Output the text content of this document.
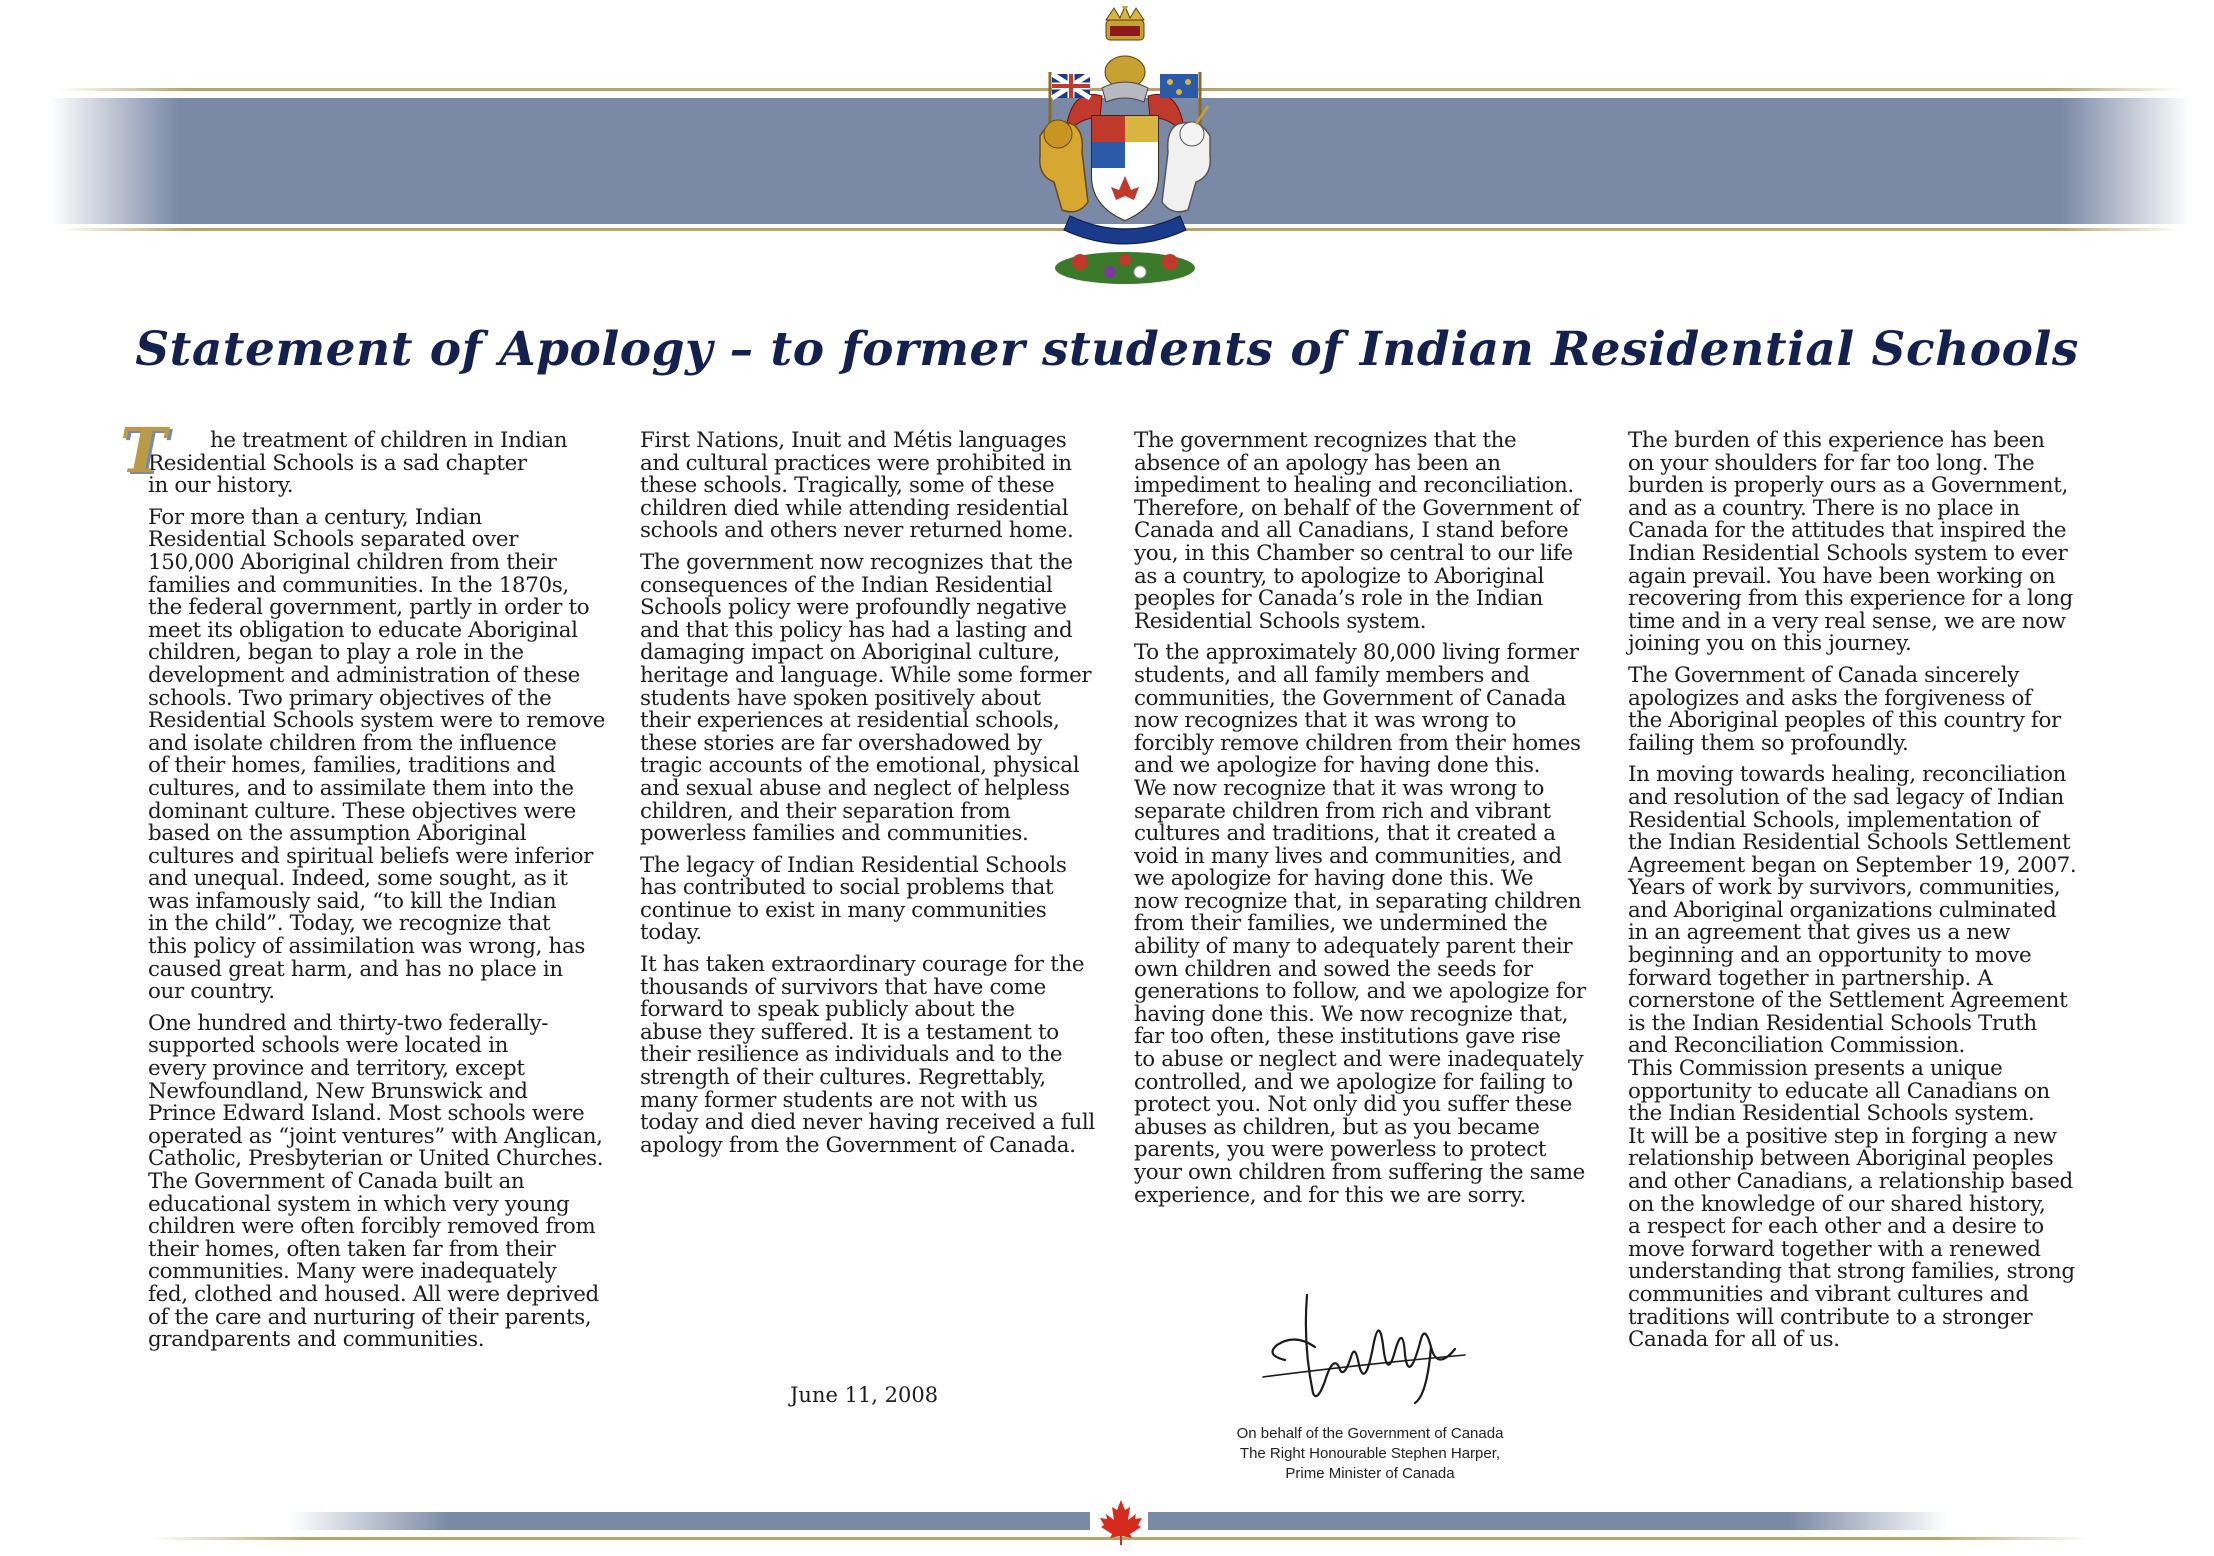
Statement of Apology – to former students of Indian Residential Schools
T	he treatment of children in Indian
Residential Schools is a sad chapter
in our history.

For more than a century, Indian
Residential Schools separated over
150,000 Aboriginal children from their
families and communities. In the 1870s,
the federal government, partly in order to
meet its obligation to educate Aboriginal
children, began to play a role in the
development and administration of these
schools. Two primary objectives of the
Residential Schools system were to remove
and isolate children from the influence
of their homes, families, traditions and
cultures, and to assimilate them into the
dominant culture. These objectives were
based on the assumption Aboriginal
cultures and spiritual beliefs were inferior
and unequal. Indeed, some sought, as it
was infamously said, “to kill the Indian
in the child”. Today, we recognize that
this policy of assimilation was wrong, has
caused great harm, and has no place in
our country.

One hundred and thirty-two federally-
supported schools were located in
every province and territory, except
Newfoundland, New Brunswick and
Prince Edward Island. Most schools were
operated as “joint ventures” with Anglican,
Catholic, Presbyterian or United Churches.
The Government of Canada built an
educational system in which very young
children were often forcibly removed from
their homes, often taken far from their
communities. Many were inadequately
fed, clothed and housed. All were deprived
of the care and nurturing of their parents,
grandparents and communities.

First Nations, Inuit and Métis languages
and cultural practices were prohibited in
these schools. Tragically, some of these
children died while attending residential
schools and others never returned home.

The government now recognizes that the
consequences of the Indian Residential
Schools policy were profoundly negative
and that this policy has had a lasting and
damaging impact on Aboriginal culture,
heritage and language. While some former
students have spoken positively about
their experiences at residential schools,
these stories are far overshadowed by
tragic accounts of the emotional, physical
and sexual abuse and neglect of helpless
children, and their separation from
powerless families and communities.

The legacy of Indian Residential Schools
has contributed to social problems that
continue to exist in many communities
today.

It has taken extraordinary courage for the
thousands of survivors that have come
forward to speak publicly about the
abuse they suffered. It is a testament to
their resilience as individuals and to the
strength of their cultures. Regrettably,
many former students are not with us
today and died never having received a full
apology from the Government of Canada.

The government recognizes that the
absence of an apology has been an
impediment to healing and reconciliation.
Therefore, on behalf of the Government of
Canada and all Canadians, I stand before
you, in this Chamber so central to our life
as a country, to apologize to Aboriginal
peoples for Canada’s role in the Indian
Residential Schools system.

To the approximately 80,000 living former
students, and all family members and
communities, the Government of Canada
now recognizes that it was wrong to
forcibly remove children from their homes
and we apologize for having done this.
We now recognize that it was wrong to
separate children from rich and vibrant
cultures and traditions, that it created a
void in many lives and communities, and
we apologize for having done this. We
now recognize that, in separating children
from their families, we undermined the
ability of many to adequately parent their
own children and sowed the seeds for
generations to follow, and we apologize for
having done this. We now recognize that,
far too often, these institutions gave rise
to abuse or neglect and were inadequately
controlled, and we apologize for failing to
protect you. Not only did you suffer these
abuses as children, but as you became
parents, you were powerless to protect
your own children from suffering the same
experience, and for this we are sorry.

The burden of this experience has been
on your shoulders for far too long. The
burden is properly ours as a Government,
and as a country. There is no place in
Canada for the attitudes that inspired the
Indian Residential Schools system to ever
again prevail. You have been working on
recovering from this experience for a long
time and in a very real sense, we are now
joining you on this journey.

The Government of Canada sincerely
apologizes and asks the forgiveness of
the Aboriginal peoples of this country for
failing them so profoundly.

In moving towards healing, reconciliation
and resolution of the sad legacy of Indian
Residential Schools, implementation of
the Indian Residential Schools Settlement
Agreement began on September 19, 2007.
Years of work by survivors, communities,
and Aboriginal organizations culminated
in an agreement that gives us a new
beginning and an opportunity to move
forward together in partnership. A
cornerstone of the Settlement Agreement
is the Indian Residential Schools Truth
and Reconciliation Commission.
This Commission presents a unique
opportunity to educate all Canadians on
the Indian Residential Schools system.
It will be a positive step in forging a new
relationship between Aboriginal peoples
and other Canadians, a relationship based
on the knowledge of our shared history,
a respect for each other and a desire to
move forward together with a renewed
understanding that strong families, strong
communities and vibrant cultures and
traditions will contribute to a stronger
Canada for all of us.

June 11, 2008
On behalf of the Government of Canada
The Right Honourable Stephen Harper,
Prime Minister of Canada
